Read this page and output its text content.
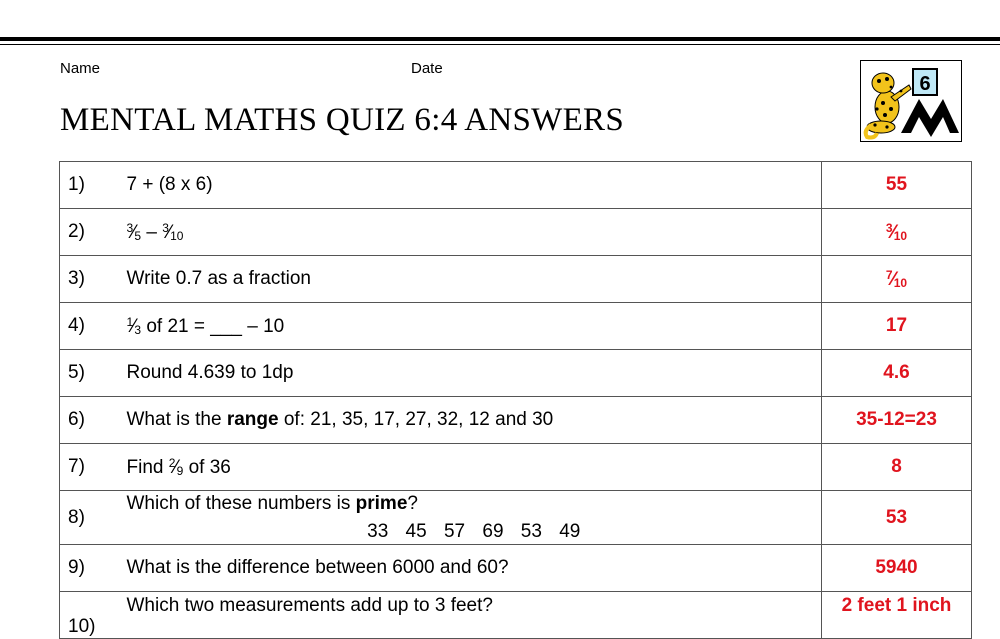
Name	Date
MENTAL MATHS QUIZ 6:4 ANSWERS
6
1)	7 + (8 x 6)	55
2)	$^3$⁄5 – $^3$⁄10	$^3$⁄10
3)	Write 0.7 as a fraction	$^7$⁄10
4)	$^1$⁄3 of 21 = ___ – 10	17
5)	Round 4.639 to 1dp	4.6
6)	What is the range of: 21, 35, 17, 27, 32, 12 and 30	35-12=23
7)	Find $^2$⁄9 of 36	8
8)	Which of these numbers is prime?
33 45 57 69 53 49	53
9)	What is the difference between 6000 and 60?	5940
10)	Which two measurements add up to 3 feet?	2 feet 1 inch
